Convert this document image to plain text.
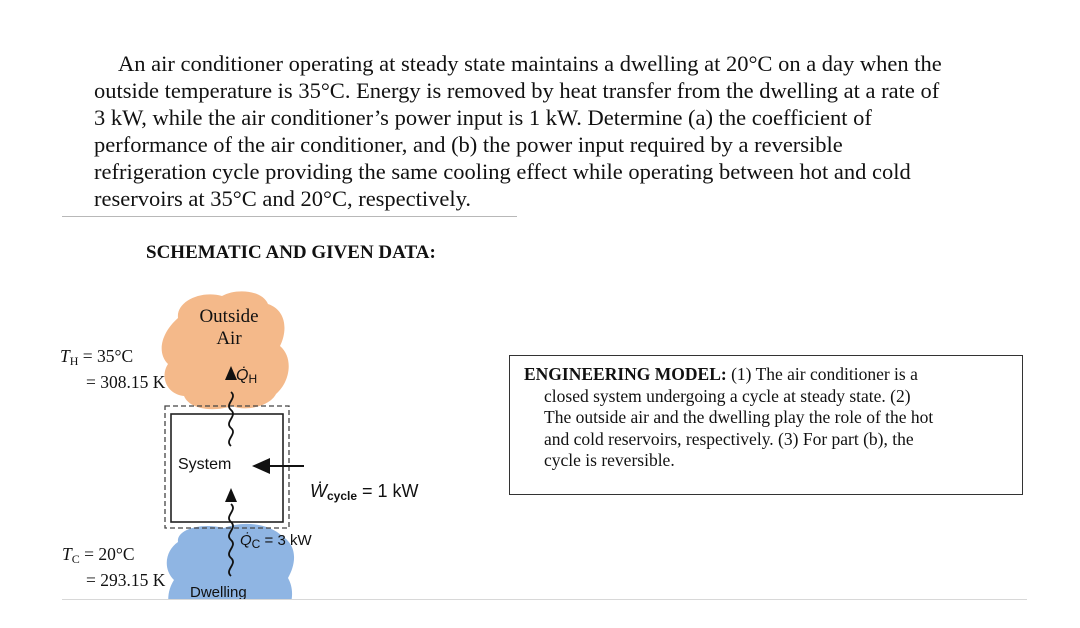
An air conditioner operating at steady state maintains a dwelling at 20°C on a day when the
outside temperature is 35°C. Energy is removed by heat transfer from the dwelling at a rate of
3 kW, while the air conditioner’s power input is 1 kW. Determine (a) the coefficient of
performance of the air conditioner, and (b) the power input required by a reversible
refrigeration cycle providing the same cooling effect while operating between hot and cold
reservoirs at 35°C and 20°C, respectively.
SCHEMATIC AND GIVEN DATA:
Outside
Air
$T_H = 35^\circ C$
= 308.15 K
$T_C = 20^\circ C$
= 293.15 K
$Q̇_H$
System
Ẇ$_{cycle}$ = 1 kW
$Q̇_C = 3$ kW
Dwelling
ENGINEERING MODEL: (1) The air conditioner is a
closed system undergoing a cycle at steady state. (2)
The outside air and the dwelling play the role of the hot
and cold reservoirs, respectively. (3) For part (b), the
cycle is reversible.
